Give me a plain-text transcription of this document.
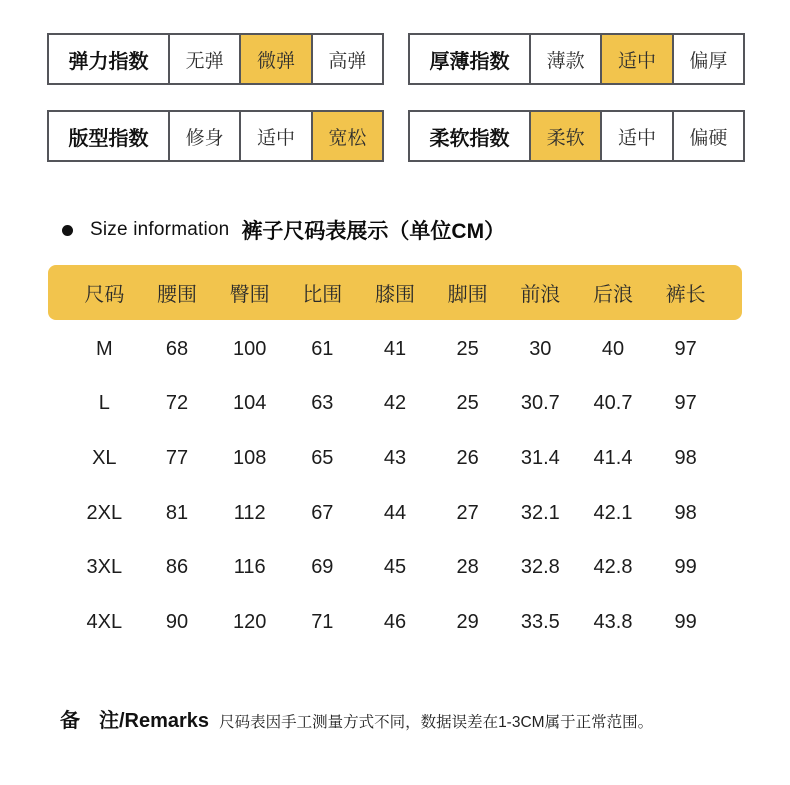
弹力指数	无弹	微弹	高弹	厚薄指数	薄款	适中	偏厚
版型指数	修身	适中	宽松	柔软指数	柔软	适中	偏硬
Size information 裤子尺码表展示（单位CM）
尺码	腰围	臀围	比围	膝围	脚围	前浪	后浪	裤长
M	68	100	61	41	25	30	40	97
L	72	104	63	42	25	30.7	40.7	97
XL	77	108	65	43	26	31.4	41.4	98
2XL	81	112	67	44	27	32.1	42.1	98
3XL	86	116	69	45	28	32.8	42.8	99
4XL	90	120	71	46	29	33.5	43.8	99
备 注/Remarks 尺码表因手工测量方式不同，数据误差在1-3CM属于正常范围。
